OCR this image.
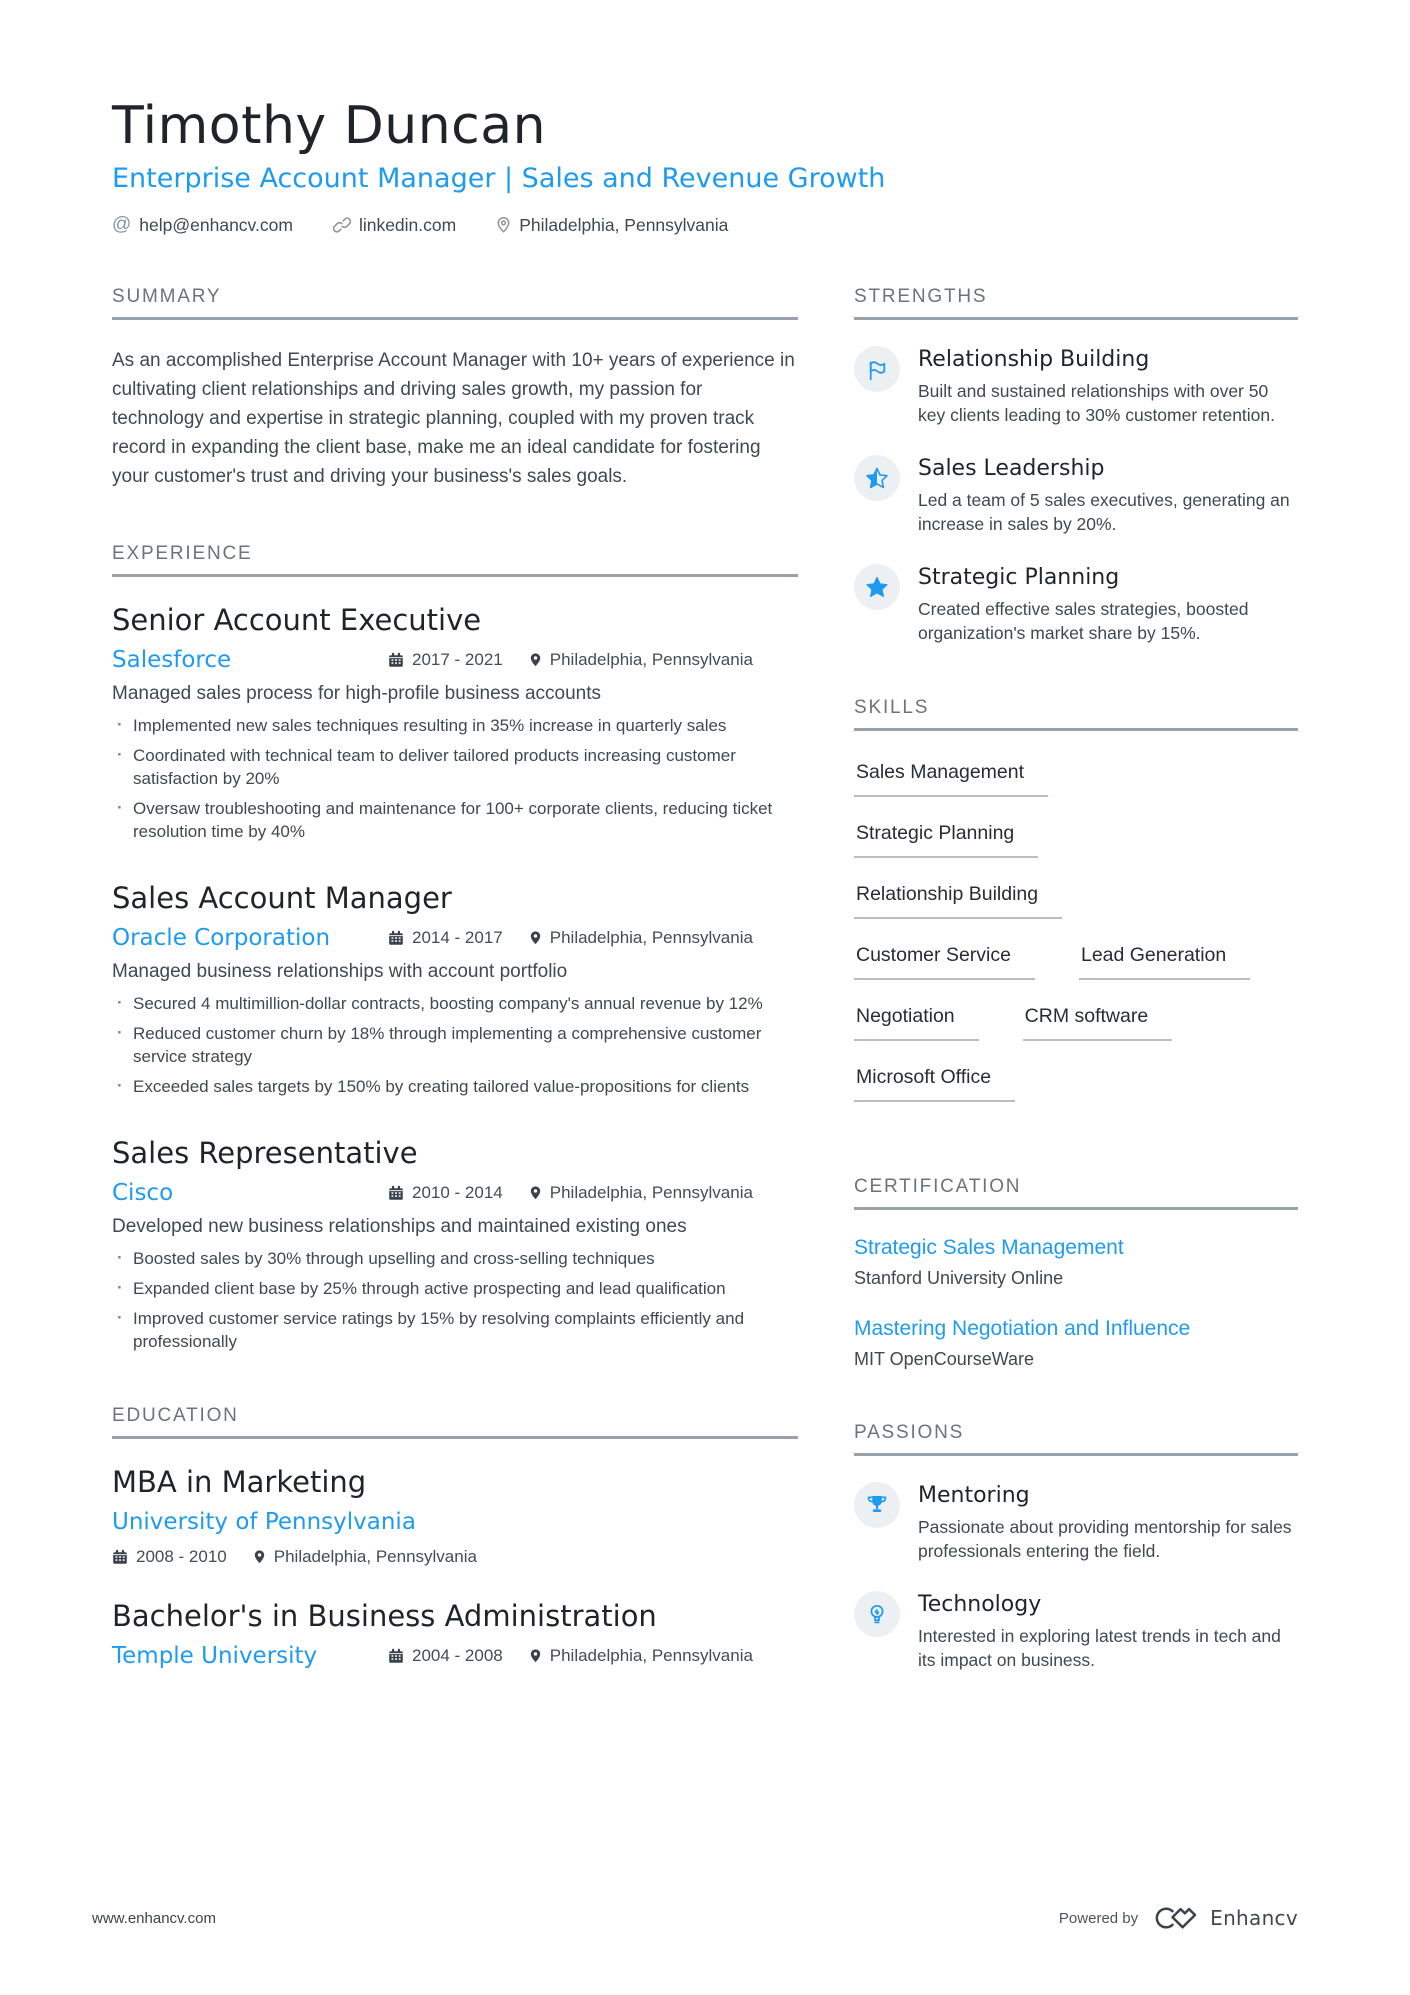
Timothy Duncan
Enterprise Account Manager | Sales and Revenue Growth
@ help@enhancv.com	linkedin.com	Philadelphia, Pennsylvania
SUMMARY

As an accomplished Enterprise Account Manager with 10+ years of experience in cultivating client relationships and driving sales growth, my passion for technology and expertise in strategic planning, coupled with my proven track record in expanding the client base, make me an ideal candidate for fostering your customer's trust and driving your business's sales goals.

EXPERIENCE
Senior Account Executive
Salesforce	2017 - 2021	Philadelphia, Pennsylvania

Managed sales process for high-profile business accounts

· Implemented new sales techniques resulting in 35% increase in quarterly sales
· Coordinated with technical team to deliver tailored products increasing customer satisfaction by 20%
· Oversaw troubleshooting and maintenance for 100+ corporate clients, reducing ticket resolution time by 40%
Sales Account Manager
Oracle Corporation	2014 - 2017	Philadelphia, Pennsylvania

Managed business relationships with account portfolio

· Secured 4 multimillion-dollar contracts, boosting company's annual revenue by 12%
· Reduced customer churn by 18% through implementing a comprehensive customer service strategy
· Exceeded sales targets by 150% by creating tailored value-propositions for clients
Sales Representative
Cisco	2010 - 2014	Philadelphia, Pennsylvania

Developed new business relationships and maintained existing ones

· Boosted sales by 30% through upselling and cross-selling techniques
· Expanded client base by 25% through active prospecting and lead qualification
· Improved customer service ratings by 15% by resolving complaints efficiently and professionally
EDUCATION
MBA in Marketing
University of Pennsylvania
2008 - 2010	Philadelphia, Pennsylvania
Bachelor's in Business Administration
Temple University	2004 - 2008	Philadelphia, Pennsylvania
STRENGTHS
Relationship Building
Built and sustained relationships with over 50 key clients leading to 30% customer retention.
Sales Leadership
Led a team of 5 sales executives, generating an increase in sales by 20%.
Strategic Planning
Created effective sales strategies, boosted organization's market share by 15%.
SKILLS
Sales Management
Strategic Planning
Relationship Building
Customer Service	Lead Generation
Negotiation	CRM software
Microsoft Office
CERTIFICATION
Strategic Sales Management
Stanford University Online
Mastering Negotiation and Influence
MIT OpenCourseWare
PASSIONS
Mentoring
Passionate about providing mentorship for sales professionals entering the field.
Technology
Interested in exploring latest trends in tech and its impact on business.
www.enhancv.com	Powered by	Enhancv
